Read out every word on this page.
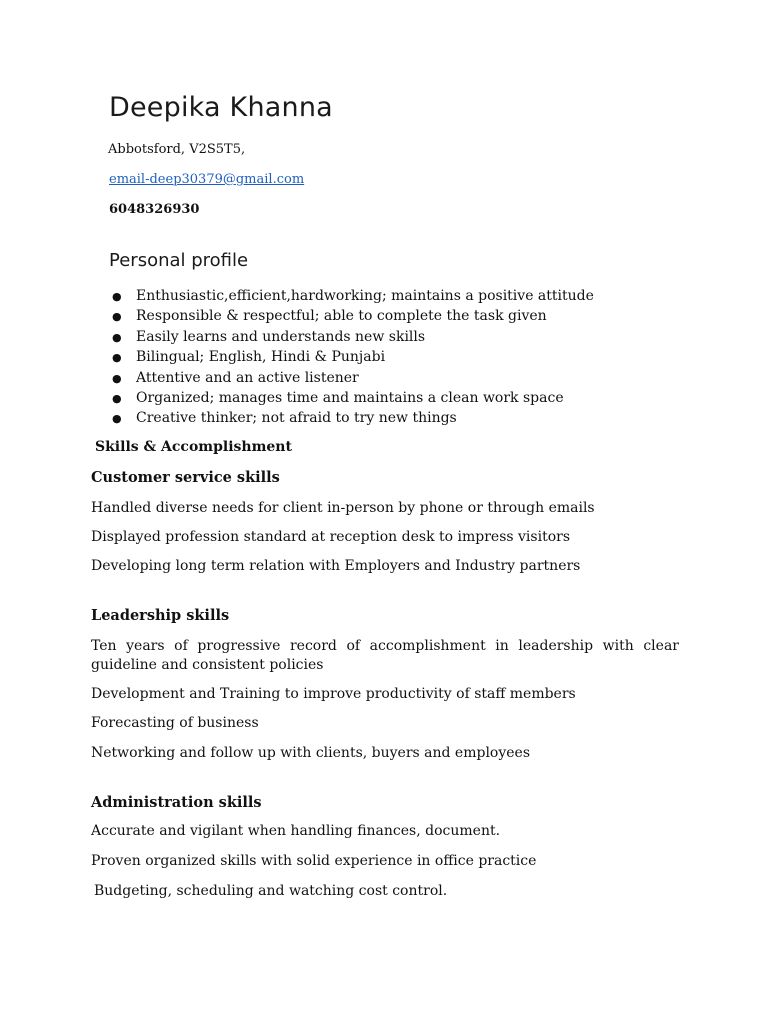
Deepika Khanna

Abbotsford, V2S5T5,

email-deep30379@gmail.com

6048326930

Personal profile
● Enthusiastic,efficient,hardworking; maintains a positive attitude
● Responsible & respectful; able to complete the task given
● Easily learns and understands new skills
● Bilingual; English, Hindi & Punjabi
● Attentive and an active listener
● Organized; manages time and maintains a clean work space
● Creative thinker; not afraid to try new things
Skills & Accomplishment
Customer service skills

Handled diverse needs for client in-person by phone or through emails

Displayed profession standard at reception desk to impress visitors

Developing long term relation with Employers and Industry partners

Leadership skills

Ten years of progressive record of accomplishment in leadership with clear guideline and consistent policies

Development and Training to improve productivity of staff members

Forecasting of business

Networking and follow up with clients, buyers and employees

Administration skills

Accurate and vigilant when handling finances, document.

Proven organized skills with solid experience in office practice

Budgeting, scheduling and watching cost control.
